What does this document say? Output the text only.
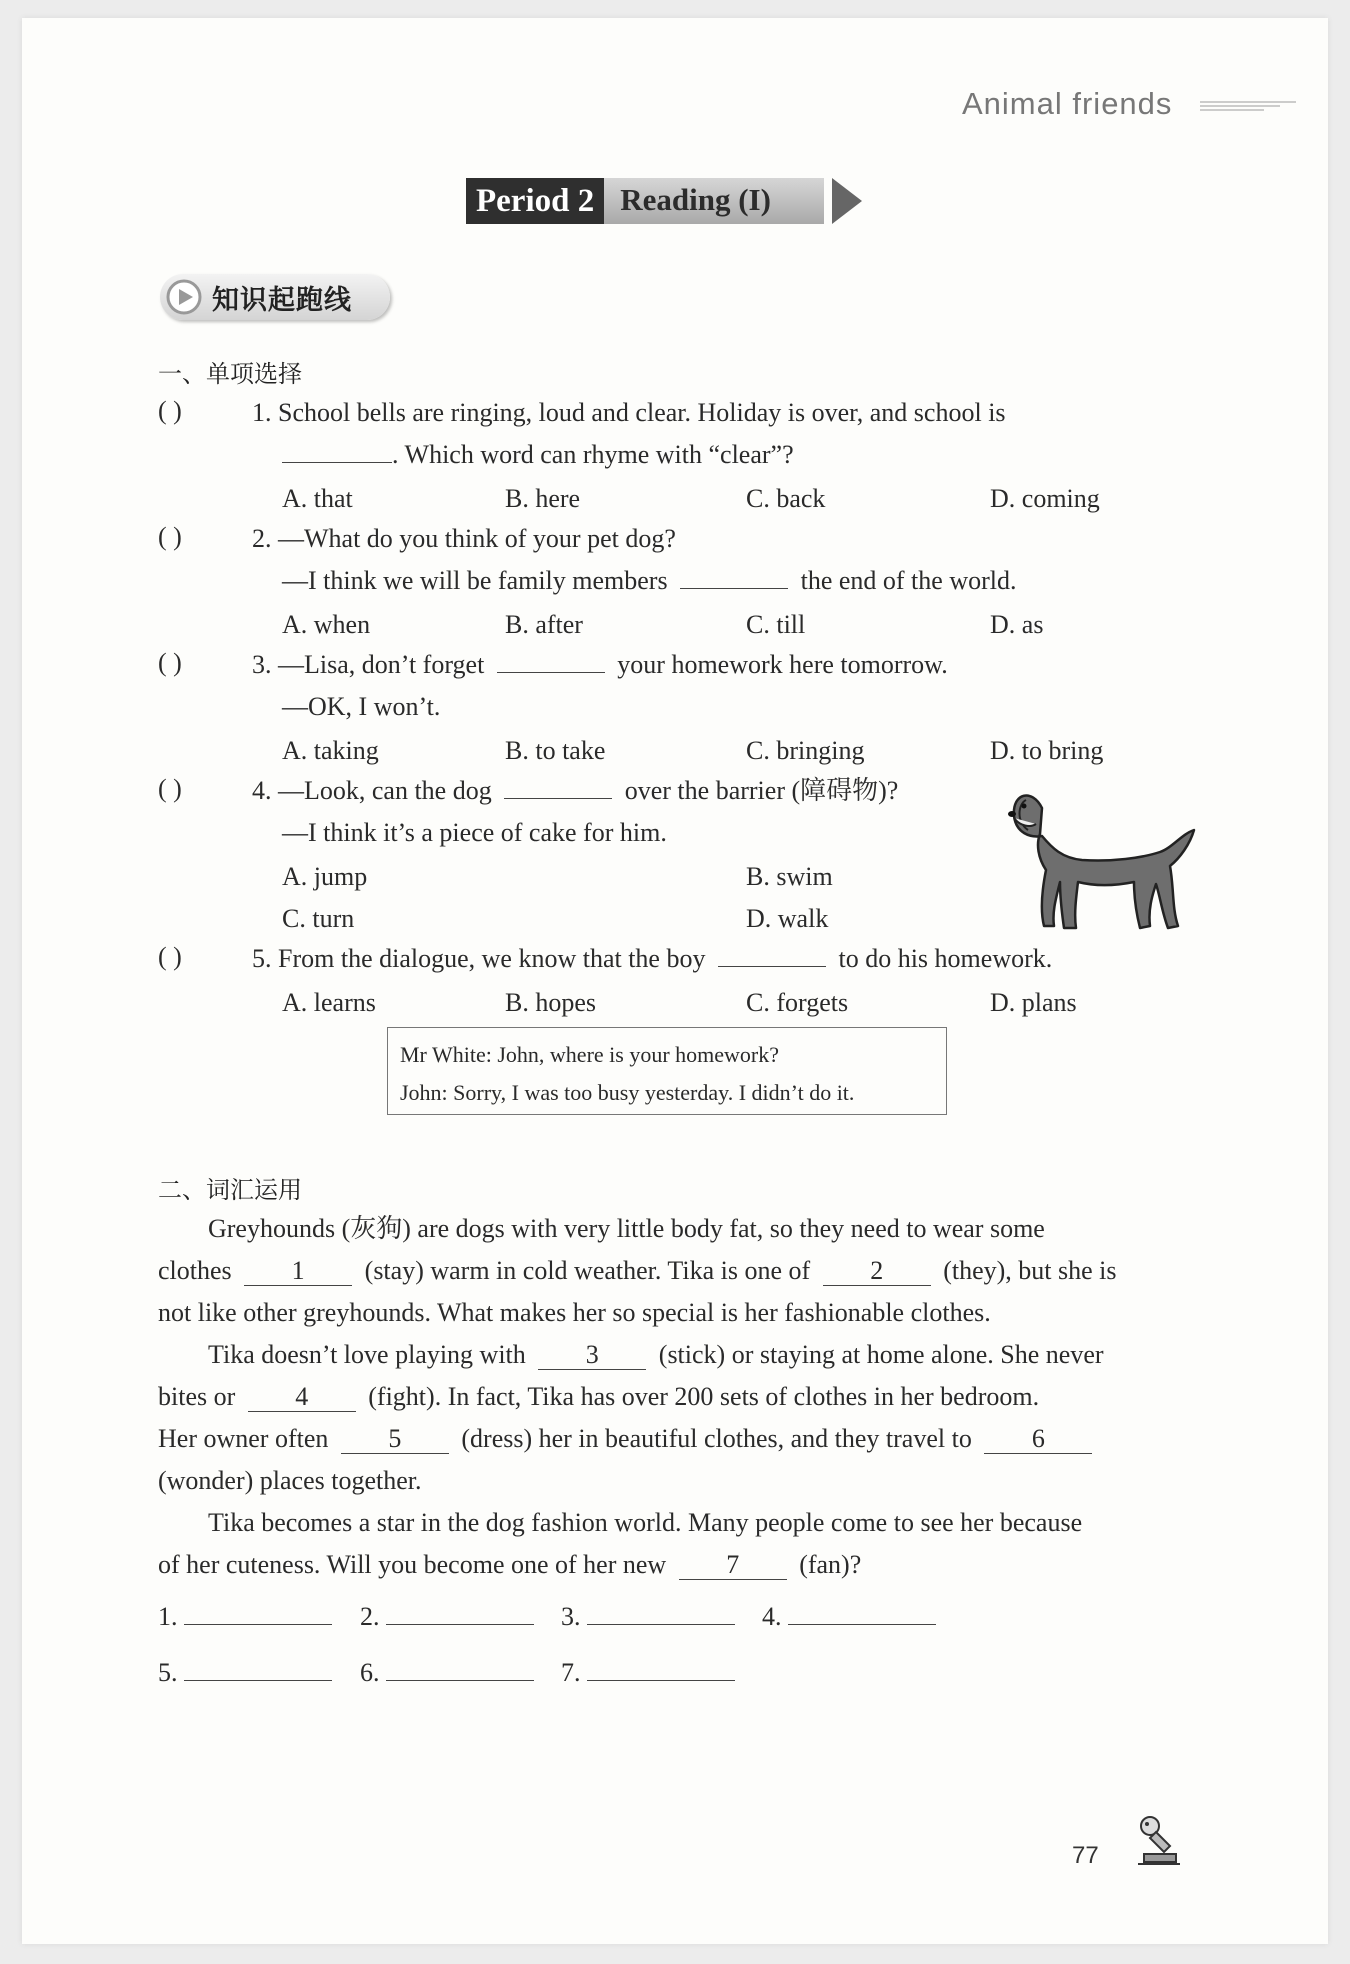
Animal friends
Period 2 Reading (I)
知识起跑线
一、单项选择
( )	1. School bells are ringing, loud and clear. Holiday is over, and school is
. Which word can rhyme with “clear”?
A. that	B. here	C. back	D. coming
( )	2. —What do you think of your pet dog?
—I think we will be family members	the end of the world.
A. when	B. after	C. till	D. as
( )	3. —Lisa, don’t forget	your homework here tomorrow.
—OK, I won’t.
A. taking	B. to take	C. bringing	D. to bring
( )	4. —Look, can the dog	over the barrier (障碍物)?
—I think it’s a piece of cake for him.
A. jump	B. swim
C. turn	D. walk
( )	5. From the dialogue, we know that the boy	to do his homework.
A. learns	B. hopes	C. forgets	D. plans
Mr White: John, where is your homework?
John: Sorry, I was too busy yesterday. I didn’t do it.
二、词汇运用
Greyhounds (灰狗) are dogs with very little body fat, so they need to wear some
clothes 1 (stay) warm in cold weather. Tika is one of 2 (they), but she is
not like other greyhounds. What makes her so special is her fashionable clothes.
Tika doesn’t love playing with 3 (stick) or staying at home alone. She never
bites or 4 (fight). In fact, Tika has over 200 sets of clothes in her bedroom.
Her owner often 5 (dress) her in beautiful clothes, and they travel to 6
(wonder) places together.
Tika becomes a star in the dog fashion world. Many people come to see her because
of her cuteness. Will you become one of her new 7 (fan)?
1.	2.	3.	4.
5.	6.	7.
77
